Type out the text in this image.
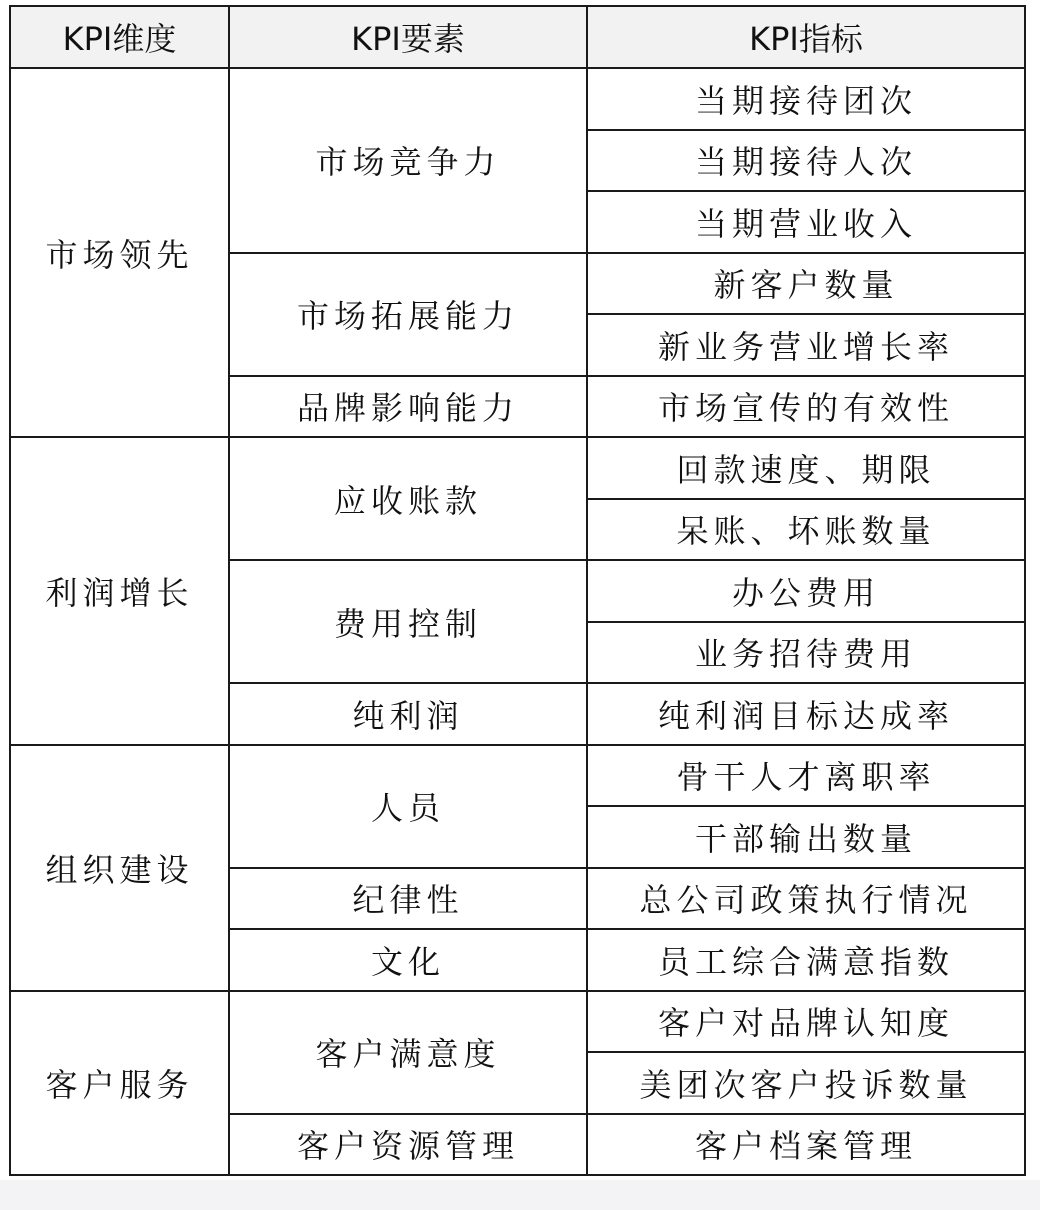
KPI维度	KPI要素	KPI指标
市场领先	市场竞争力	当期接待团次
		当期接待人次
		当期营业收入
	市场拓展能力	新客户数量
		新业务营业增长率
	品牌影响能力	市场宣传的有效性
利润增长	应收账款	回款速度、期限
		呆账、坏账数量
	费用控制	办公费用
		业务招待费用
	纯利润	纯利润目标达成率
组织建设	人员	骨干人才离职率
		干部输出数量
	纪律性	总公司政策执行情况
	文化	员工综合满意指数
客户服务	客户满意度	客户对品牌认知度
		美团次客户投诉数量
	客户资源管理	客户档案管理
